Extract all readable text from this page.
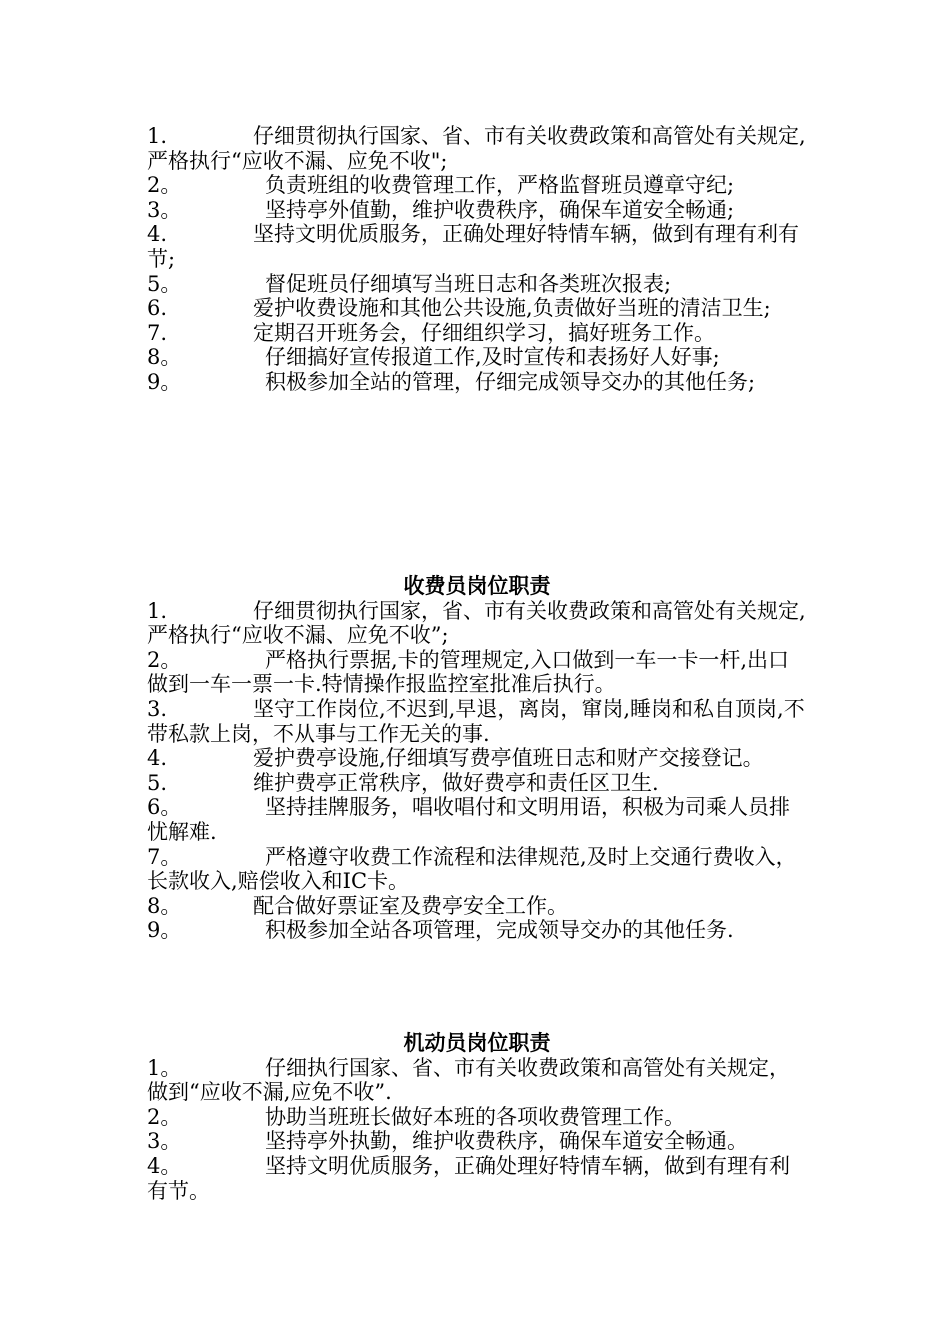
1.	仔细贯彻执行国家、省、市有关收费政策和高管处有关规定,严格执行“应收不漏、应免不收";

2。	负责班组的收费管理工作，严格监督班员遵章守纪;

3。	坚持亭外值勤，维护收费秩序，确保车道安全畅通;

4.	坚持文明优质服务，正确处理好特情车辆，做到有理有利有节;

5。	督促班员仔细填写当班日志和各类班次报表;

6.	爱护收费设施和其他公共设施,负责做好当班的清洁卫生;

7.	定期召开班务会，仔细组织学习，搞好班务工作。

8。	仔细搞好宣传报道工作,及时宣传和表扬好人好事;

9。	积极参加全站的管理，仔细完成领导交办的其他任务;

收费员岗位职责

1.	仔细贯彻执行国家，省、市有关收费政策和高管处有关规定,严格执行“应收不漏、应免不收”;

2。	严格执行票据,卡的管理规定,入口做到一车一卡一杆,出口做到一车一票一卡.特情操作报监控室批准后执行。

3.	坚守工作岗位,不迟到,早退，离岗，窜岗,睡岗和私自顶岗,不带私款上岗，不从事与工作无关的事.

4.	爱护费亭设施,仔细填写费亭值班日志和财产交接登记。

5.	维护费亭正常秩序，做好费亭和责任区卫生.

6。	坚持挂牌服务，唱收唱付和文明用语，积极为司乘人员排忧解难.

7。	严格遵守收费工作流程和法律规范,及时上交通行费收入，长款收入,赔偿收入和IC卡。

8。	配合做好票证室及费亭安全工作。

9。	积极参加全站各项管理，完成领导交办的其他任务.

机动员岗位职责

1。	仔细执行国家、省、市有关收费政策和高管处有关规定，做到“应收不漏,应免不收”.

2。	协助当班班长做好本班的各项收费管理工作。

3。	坚持亭外执勤，维护收费秩序，确保车道安全畅通。

4。	坚持文明优质服务，正确处理好特情车辆，做到有理有利有节。
